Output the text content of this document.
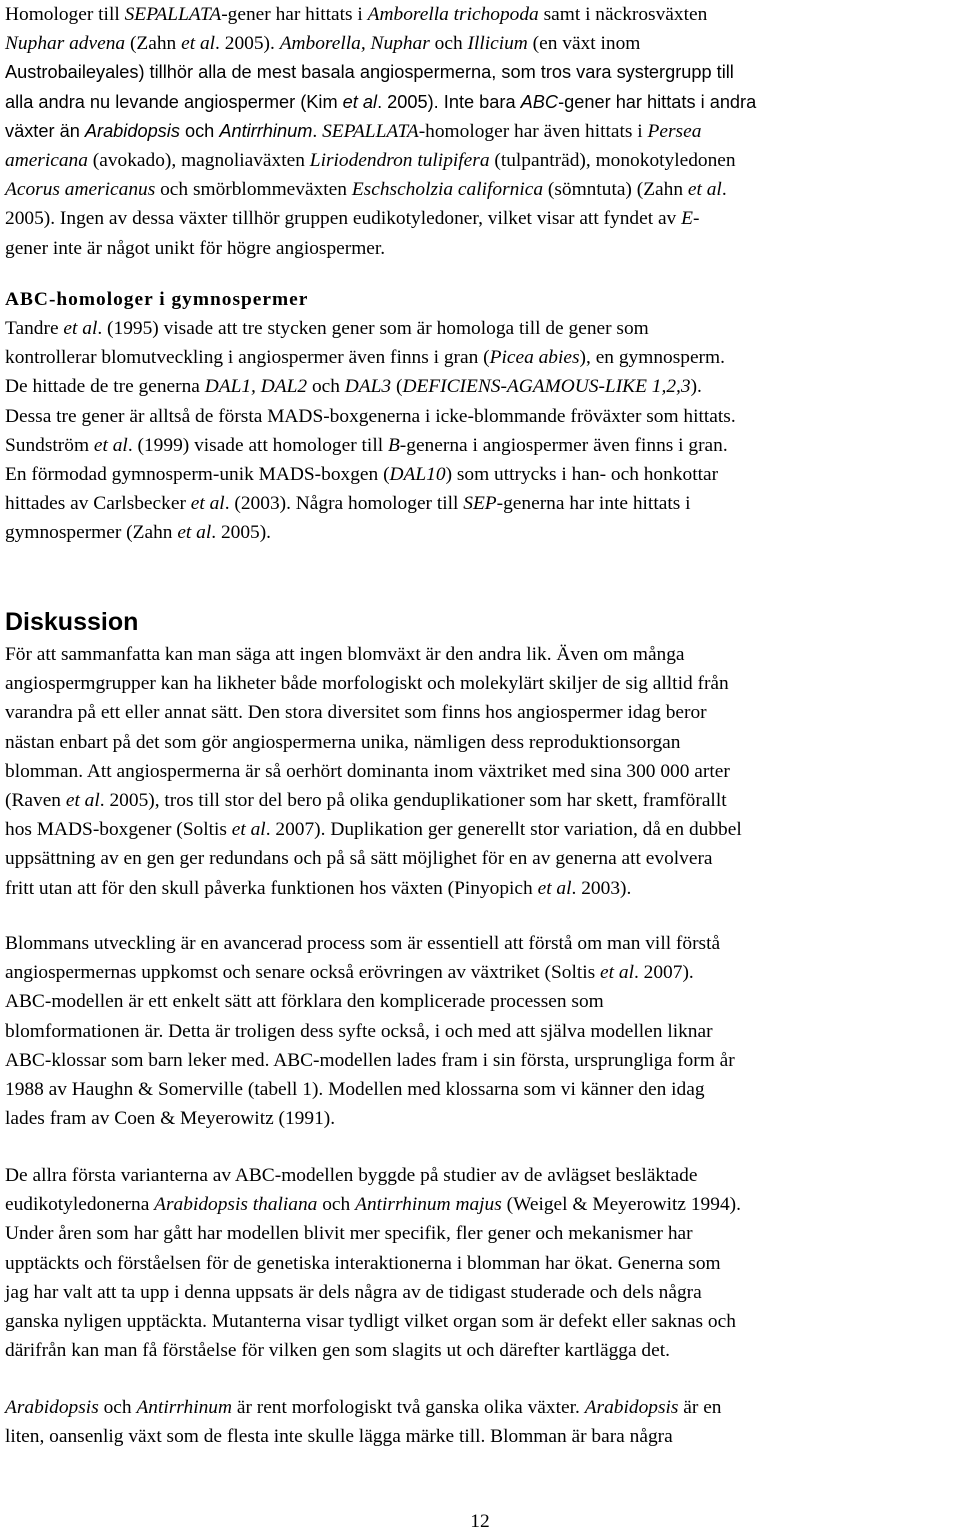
Homologer till SEPALLATA-gener har hittats i Amborella trichopoda samt i näckrosväxten
Nuphar advena (Zahn et al. 2005). Amborella, Nuphar och Illicium (en växt inom
Austrobaileyales) tillhör alla de mest basala angiospermerna, som tros vara systergrupp till
alla andra nu levande angiospermer (Kim et al. 2005). Inte bara ABC-gener har hittats i andra
växter än Arabidopsis och Antirrhinum. SEPALLATA-homologer har även hittats i Persea
americana (avokado), magnoliaväxten Liriodendron tulipifera (tulpanträd), monokotyledonen
Acorus americanus och smörblommeväxten Eschscholzia californica (sömntuta) (Zahn et al.
2005). Ingen av dessa växter tillhör gruppen eudikotyledoner, vilket visar att fyndet av E-
gener inte är något unikt för högre angiospermer.
ABC-homologer i gymnospermer
Tandre et al. (1995) visade att tre stycken gener som är homologa till de gener som
kontrollerar blomutveckling i angiospermer även finns i gran (Picea abies), en gymnosperm.
De hittade de tre generna DAL1, DAL2 och DAL3 (DEFICIENS-AGAMOUS-LIKE 1,2,3).
Dessa tre gener är alltså de första MADS-boxgenerna i icke-blommande fröväxter som hittats.
Sundström et al. (1999) visade att homologer till B-generna i angiospermer även finns i gran.
En förmodad gymnosperm-unik MADS-boxgen (DAL10) som uttrycks i han- och honkottar
hittades av Carlsbecker et al. (2003). Några homologer till SEP-generna har inte hittats i
gymnospermer (Zahn et al. 2005).
Diskussion
För att sammanfatta kan man säga att ingen blomväxt är den andra lik. Även om många
angiospermgrupper kan ha likheter både morfologiskt och molekylärt skiljer de sig alltid från
varandra på ett eller annat sätt. Den stora diversitet som finns hos angiospermer idag beror
nästan enbart på det som gör angiospermerna unika, nämligen dess reproduktionsorgan
blomman. Att angiospermerna är så oerhört dominanta inom växtriket med sina 300 000 arter
(Raven et al. 2005), tros till stor del bero på olika genduplikationer som har skett, framförallt
hos MADS-boxgener (Soltis et al. 2007). Duplikation ger generellt stor variation, då en dubbel
uppsättning av en gen ger redundans och på så sätt möjlighet för en av generna att evolvera
fritt utan att för den skull påverka funktionen hos växten (Pinyopich et al. 2003).
Blommans utveckling är en avancerad process som är essentiell att förstå om man vill förstå
angiospermernas uppkomst och senare också erövringen av växtriket (Soltis et al. 2007).
ABC-modellen är ett enkelt sätt att förklara den komplicerade processen som
blomformationen är. Detta är troligen dess syfte också, i och med att själva modellen liknar
ABC-klossar som barn leker med. ABC-modellen lades fram i sin första, ursprungliga form år
1988 av Haughn & Somerville (tabell 1). Modellen med klossarna som vi känner den idag
lades fram av Coen & Meyerowitz (1991).
De allra första varianterna av ABC-modellen byggde på studier av de avlägset besläktade
eudikotyledonerna Arabidopsis thaliana och Antirrhinum majus (Weigel & Meyerowitz 1994).
Under åren som har gått har modellen blivit mer specifik, fler gener och mekanismer har
upptäckts och förståelsen för de genetiska interaktionerna i blomman har ökat. Generna som
jag har valt att ta upp i denna uppsats är dels några av de tidigast studerade och dels några
ganska nyligen upptäckta. Mutanterna visar tydligt vilket organ som är defekt eller saknas och
därifrån kan man få förståelse för vilken gen som slagits ut och därefter kartlägga det.
Arabidopsis och Antirrhinum är rent morfologiskt två ganska olika växter. Arabidopsis är en
liten, oansenlig växt som de flesta inte skulle lägga märke till. Blomman är bara några
12
